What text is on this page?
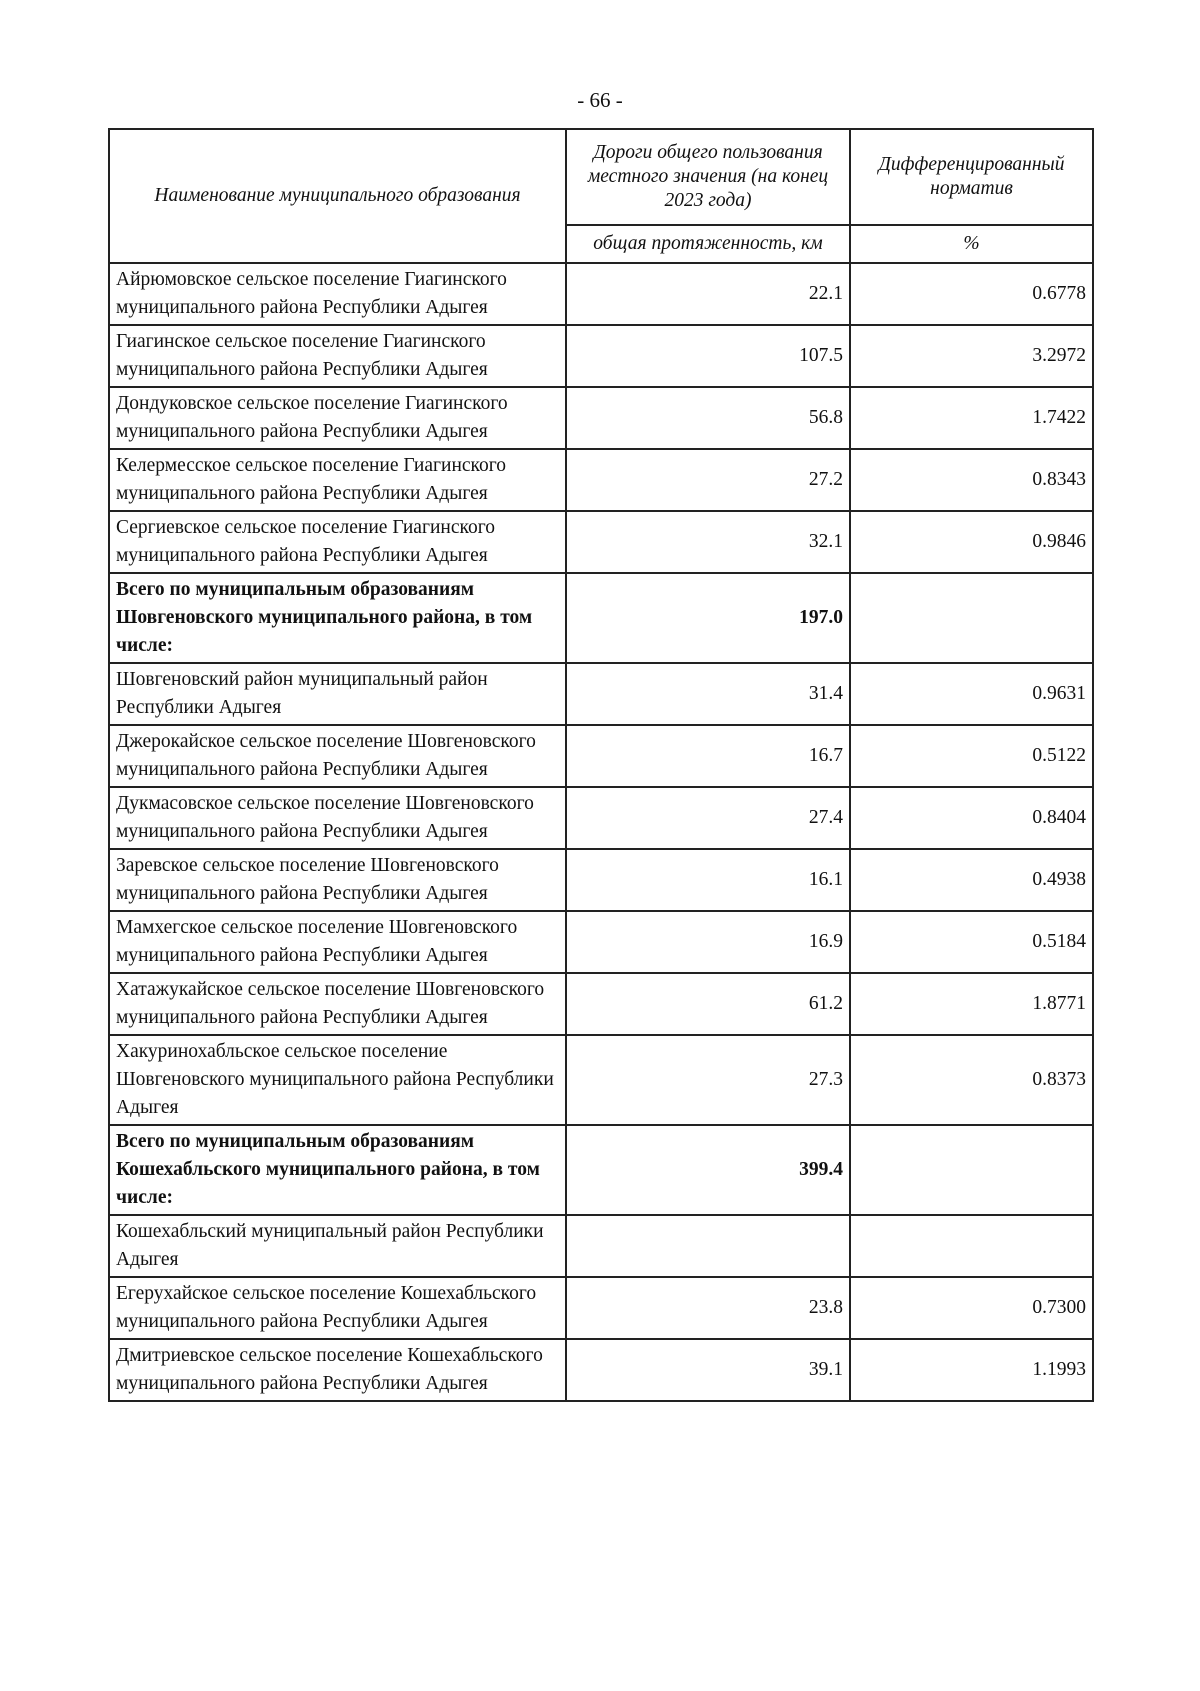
- 66 -
Наименование муниципального образования	Дороги общего пользования местного значения (на конец 2023 года)	Дифференцированный норматив
	общая протяженность, км	%
Айрюмовское сельское поселение Гиагинского муниципального района Республики Адыгея	22.1	0.6778
Гиагинское сельское поселение Гиагинского муниципального района Республики Адыгея	107.5	3.2972
Дондуковское сельское поселение Гиагинского муниципального района Республики Адыгея	56.8	1.7422
Келермесское сельское поселение Гиагинского муниципального района Республики Адыгея	27.2	0.8343
Сергиевское сельское поселение Гиагинского муниципального района Республики Адыгея	32.1	0.9846
Всего по муниципальным образованиям Шовгеновского муниципального района, в том числе:	197.0	
Шовгеновский район муниципальный район Республики Адыгея	31.4	0.9631
Джерокайское сельское поселение Шовгеновского муниципального района Республики Адыгея	16.7	0.5122
Дукмасовское сельское поселение Шовгеновского муниципального района Республики Адыгея	27.4	0.8404
Заревское сельское поселение Шовгеновского муниципального района Республики Адыгея	16.1	0.4938
Мамхегское сельское поселение Шовгеновского муниципального района Республики Адыгея	16.9	0.5184
Хатажукайское сельское поселение Шовгеновского муниципального района Республики Адыгея	61.2	1.8771
Хакуринохабльское сельское поселение Шовгеновского муниципального района Республики Адыгея	27.3	0.8373
Всего по муниципальным образованиям Кошехабльского муниципального района, в том числе:	399.4	
Кошехабльский муниципальный район Республики Адыгея		
Егерухайское сельское поселение Кошехабльского муниципального района Республики Адыгея	23.8	0.7300
Дмитриевское сельское поселение Кошехабльского муниципального района Республики Адыгея	39.1	1.1993
